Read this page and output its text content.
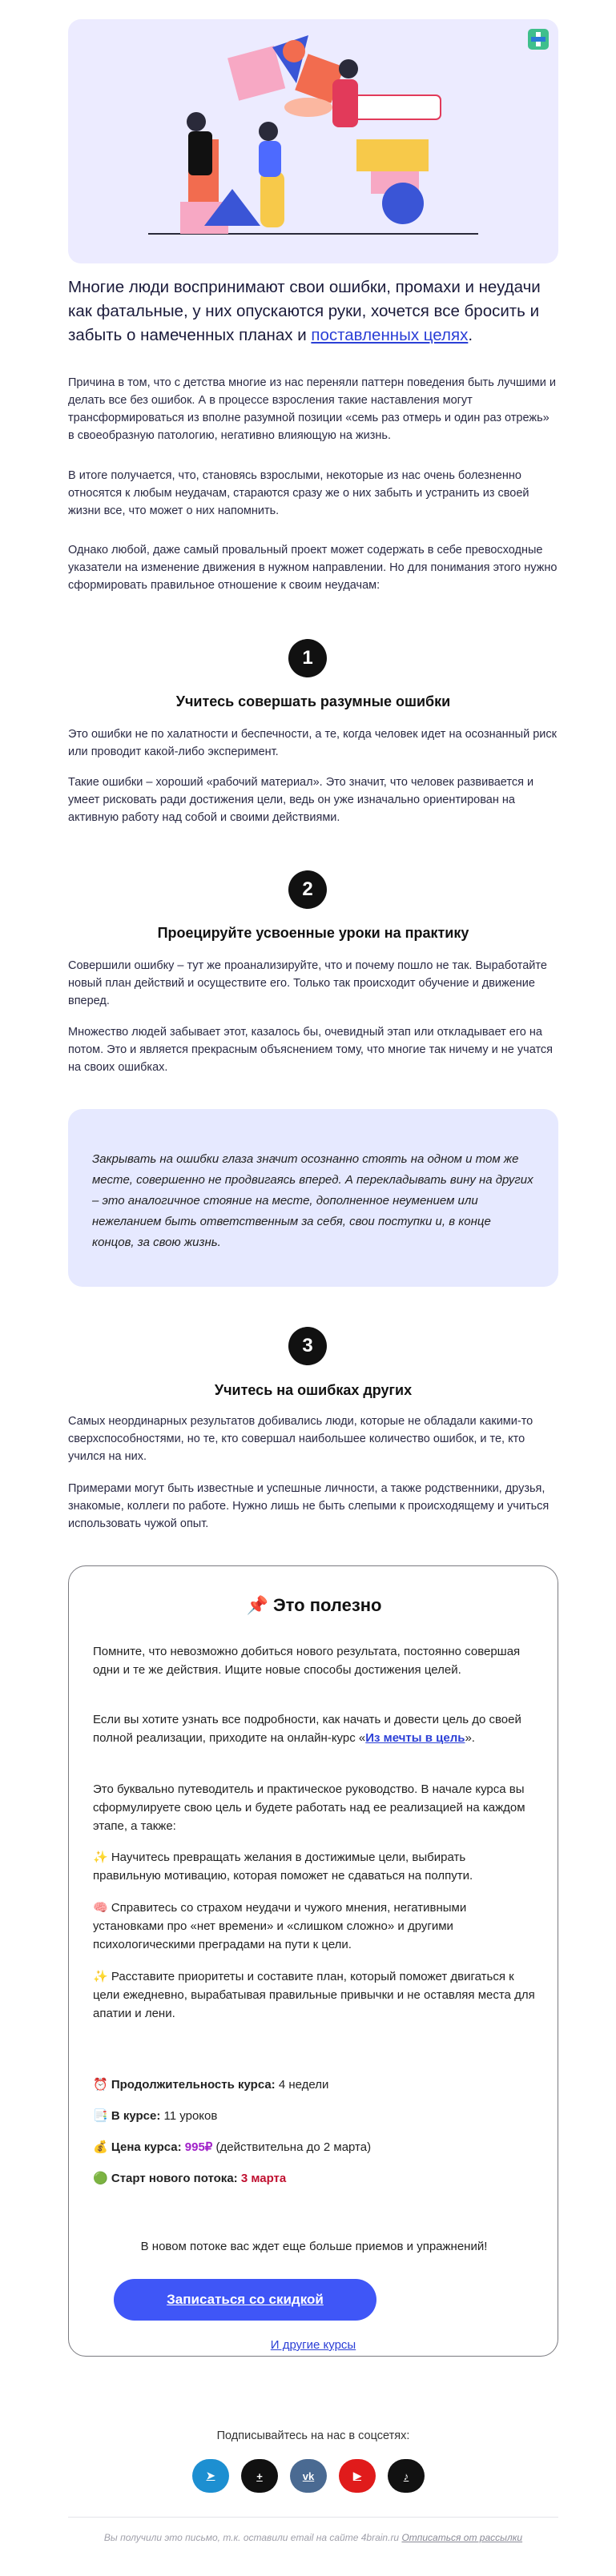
Многие люди воспринимают свои ошибки, промахи и неудачи как фатальные, у них опускаются руки, хочется все бросить и забыть о намеченных планах и поставленных целях.

Причина в том, что с детства многие из нас переняли паттерн поведения быть лучшими и делать все без ошибок. А в процессе взросления такие наставления могут трансформироваться из вполне разумной позиции «семь раз отмерь и один раз отрежь» в своеобразную патологию, негативно влияющую на жизнь.

В итоге получается, что, становясь взрослыми, некоторые из нас очень болезненно относятся к любым неудачам, стараются сразу же о них забыть и устранить из своей жизни все, что может о них напомнить.

Однако любой, даже самый провальный проект может содержать в себе превосходные указатели на изменение движения в нужном направлении. Но для понимания этого нужно сформировать правильное отношение к своим неудачам:

1
Учитесь совершать разумные ошибки

Это ошибки не по халатности и беспечности, а те, когда человек идет на осознанный риск или проводит какой-либо эксперимент.

Такие ошибки – хороший «рабочий материал». Это значит, что человек развивается и умеет рисковать ради достижения цели, ведь он уже изначально ориентирован на активную работу над собой и своими действиями.

2
Проецируйте усвоенные уроки на практику

Совершили ошибку – тут же проанализируйте, что и почему пошло не так. Выработайте новый план действий и осуществите его. Только так происходит обучение и движение вперед.

Множество людей забывает этот, казалось бы, очевидный этап или откладывает его на потом. Это и является прекрасным объяснением тому, что многие так ничему и не учатся на своих ошибках.

Закрывать на ошибки глаза значит осознанно стоять на одном и том же месте, совершенно не продвигаясь вперед. А перекладывать вину на других – это аналогичное стояние на месте, дополненное неумением или нежеланием быть ответственным за себя, свои поступки и, в конце концов, за свою жизнь.
3
Учитесь на ошибках других

Самых неординарных результатов добивались люди, которые не обладали какими-то сверхспособностями, но те, кто совершал наибольшее количество ошибок, и те, кто учился на них.

Примерами могут быть известные и успешные личности, а также родственники, друзья, знакомые, коллеги по работе. Нужно лишь не быть слепыми к происходящему и учиться использовать чужой опыт.

📌 Это полезно

Помните, что невозможно добиться нового результата, постоянно совершая одни и те же действия. Ищите новые способы достижения целей.

Если вы хотите узнать все подробности, как начать и довести цель до своей полной реализации, приходите на онлайн-курс «Из мечты в цель».

Это буквально путеводитель и практическое руководство. В начале курса вы сформулируете свою цель и будете работать над ее реализацией на каждом этапе, а также:

✨ Научитесь превращать желания в достижимые цели, выбирать правильную мотивацию, которая поможет не сдаваться на полпути.

🧠 Справитесь со страхом неудачи и чужого мнения, негативными установками про «нет времени» и «слишком сложно» и другими психологическими преградами на пути к цели.

✨ Расставите приоритеты и составите план, который поможет двигаться к цели ежедневно, вырабатывая правильные привычки и не оставляя места для апатии и лени.

⏰ Продолжительность курса: 4 недели

📑 В курсе: 11 уроков

💰 Цена курса: 995₽ (действительна до 2 марта)

🟢 Старт нового потока: 3 марта

В новом потоке вас ждет еще больше приемов и упражнений!

Записаться со скидкой
И другие курсы
Подписывайтесь на нас в соцсетях:
➤	+	vk	▶	♪
Вы получили это письмо, т.к. оставили email на сайте 4brain.ru Отписаться от рассылки
